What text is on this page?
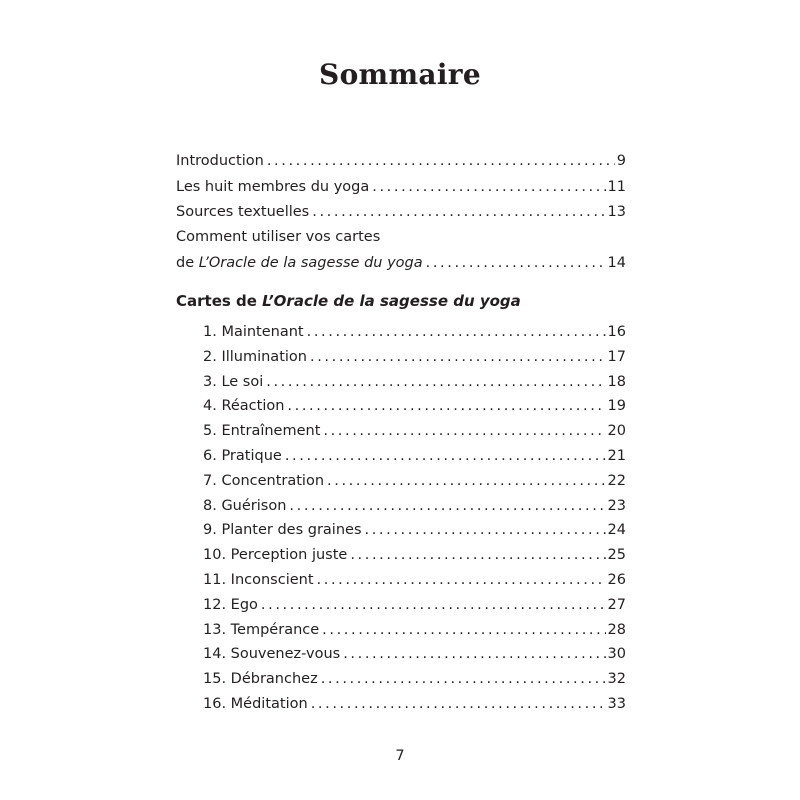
Sommaire
Introduction .....	9
Les huit membres du yoga .....	11
Sources textuelles .....	13
Comment utiliser vos cartes
de L’Oracle de la sagesse du yoga .....	14
Cartes de L’Oracle de la sagesse du yoga
1. Maintenant .....	16
2. Illumination .....	17
3. Le soi .....	18
4. Réaction .....	19
5. Entraînement .....	20
6. Pratique .....	21
7. Concentration .....	22
8. Guérison .....	23
9. Planter des graines .....	24
10. Perception juste .....	25
11. Inconscient .....	26
12. Ego .....	27
13. Tempérance .....	28
14. Souvenez-vous .....	30
15. Débranchez .....	32
16. Méditation .....	33
7
